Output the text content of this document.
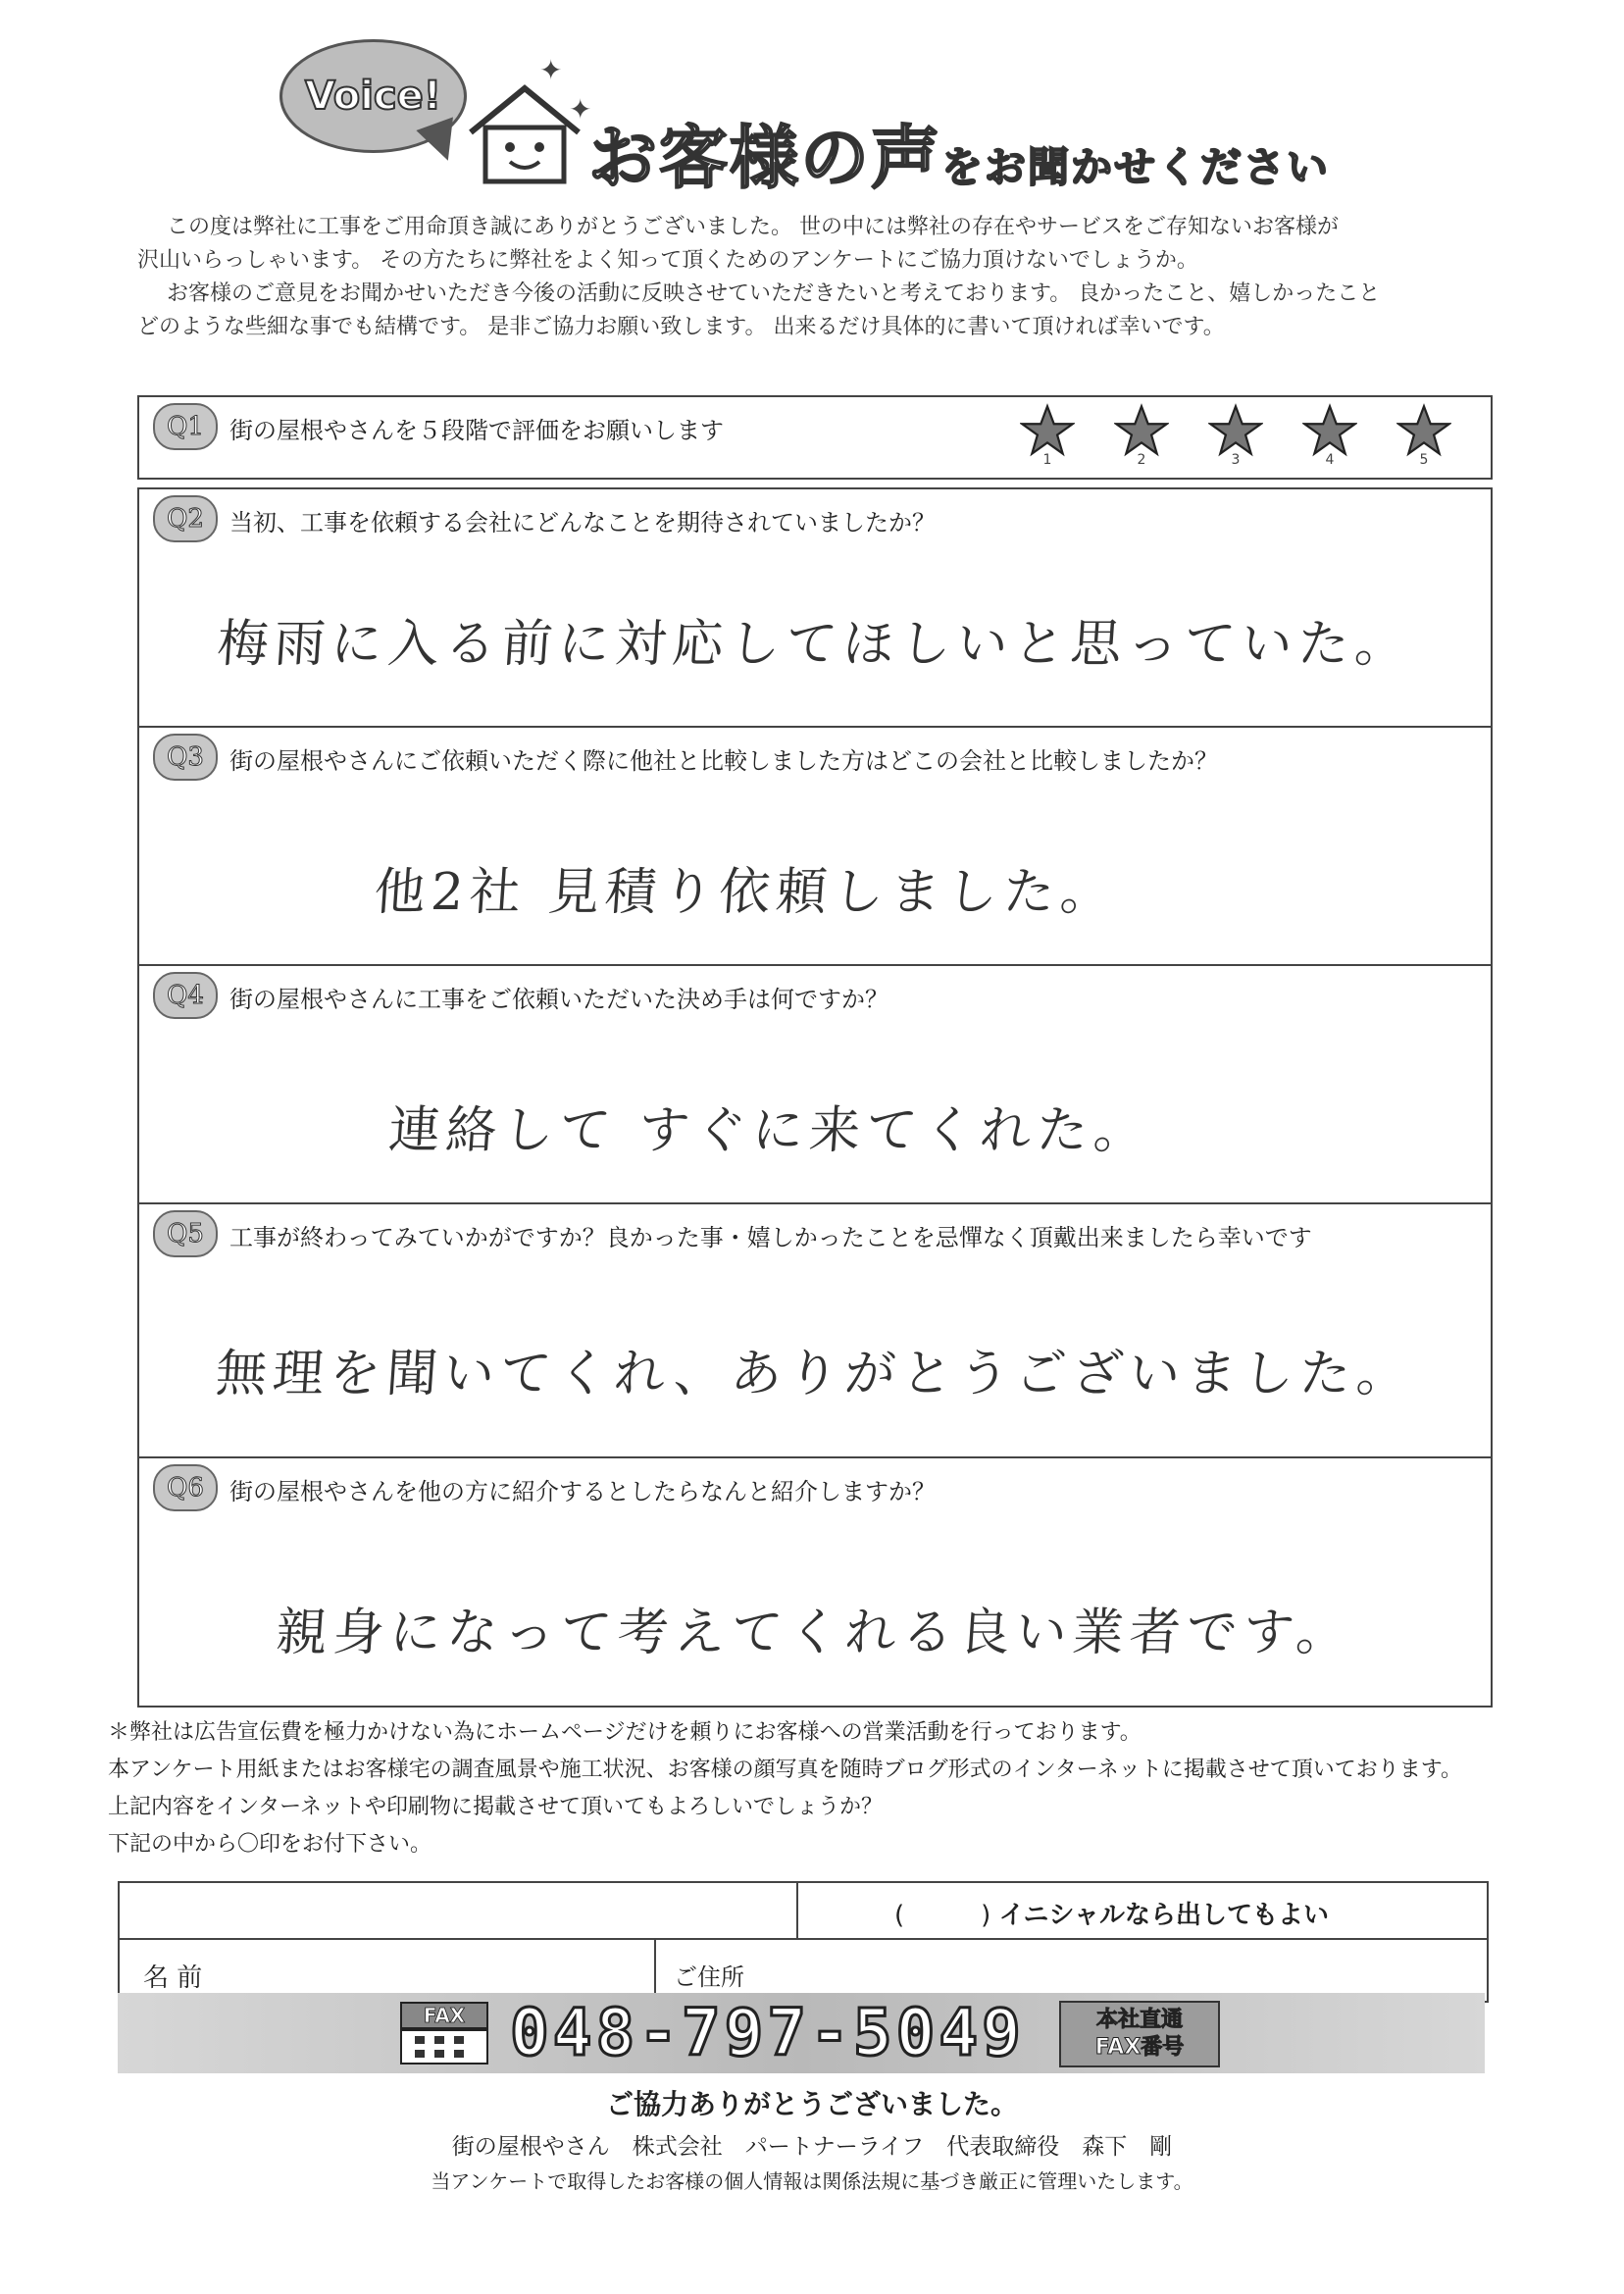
Voice!
✦
✦
お客様の声をお聞かせください

この度は弊社に工事をご用命頂き誠にありがとうございました。 世の中には弊社の存在やサービスをご存知ないお客様が

沢山いらっしゃいます。 その方たちに弊社をよく知って頂くためのアンケートにご協力頂けないでしょうか。

お客様のご意見をお聞かせいただき今後の活動に反映させていただきたいと考えております。 良かったこと、嬉しかったこと

どのような些細な事でも結構です。 是非ご協力お願い致します。 出来るだけ具体的に書いて頂ければ幸いです。

Q1	街の屋根やさんを５段階で評価をお願いします
1	2	3	4	5
Q2	当初、工事を依頼する会社にどんなことを期待されていましたか？
梅雨に入る前に対応してほしいと思っていた。
Q3	街の屋根やさんにご依頼いただく際に他社と比較しました方はどこの会社と比較しましたか？
他2社 見積り依頼しました。
Q4	街の屋根やさんに工事をご依頼いただいた決め手は何ですか？
連絡して すぐに来てくれた。
Q5	工事が終わってみていかがですか？良かった事・嬉しかったことを忌憚なく頂戴出来ましたら幸いです
無理を聞いてくれ、ありがとうございました。
Q6	街の屋根やさんを他の方に紹介するとしたらなんと紹介しますか？
親身になって考えてくれる良い業者です。

＊弊社は広告宣伝費を極力かけない為にホームページだけを頼りにお客様への営業活動を行っております。

本アンケート用紙またはお客様宅の調査風景や施工状況、お客様の顔写真を随時ブログ形式のインターネットに掲載させて頂いております。

上記内容をインターネットや印刷物に掲載させて頂いてもよろしいでしょうか？

下記の中から〇印をお付下さい。

(　　　) イニシャルなら出してもよい
名 前	ご住所
FAX 048-797-5049	本社直通
FAX番号
ご協力ありがとうございました。
街の屋根やさん　株式会社　パートナーライフ　代表取締役　森下　剛
当アンケートで取得したお客様の個人情報は関係法規に基づき厳正に管理いたします。
